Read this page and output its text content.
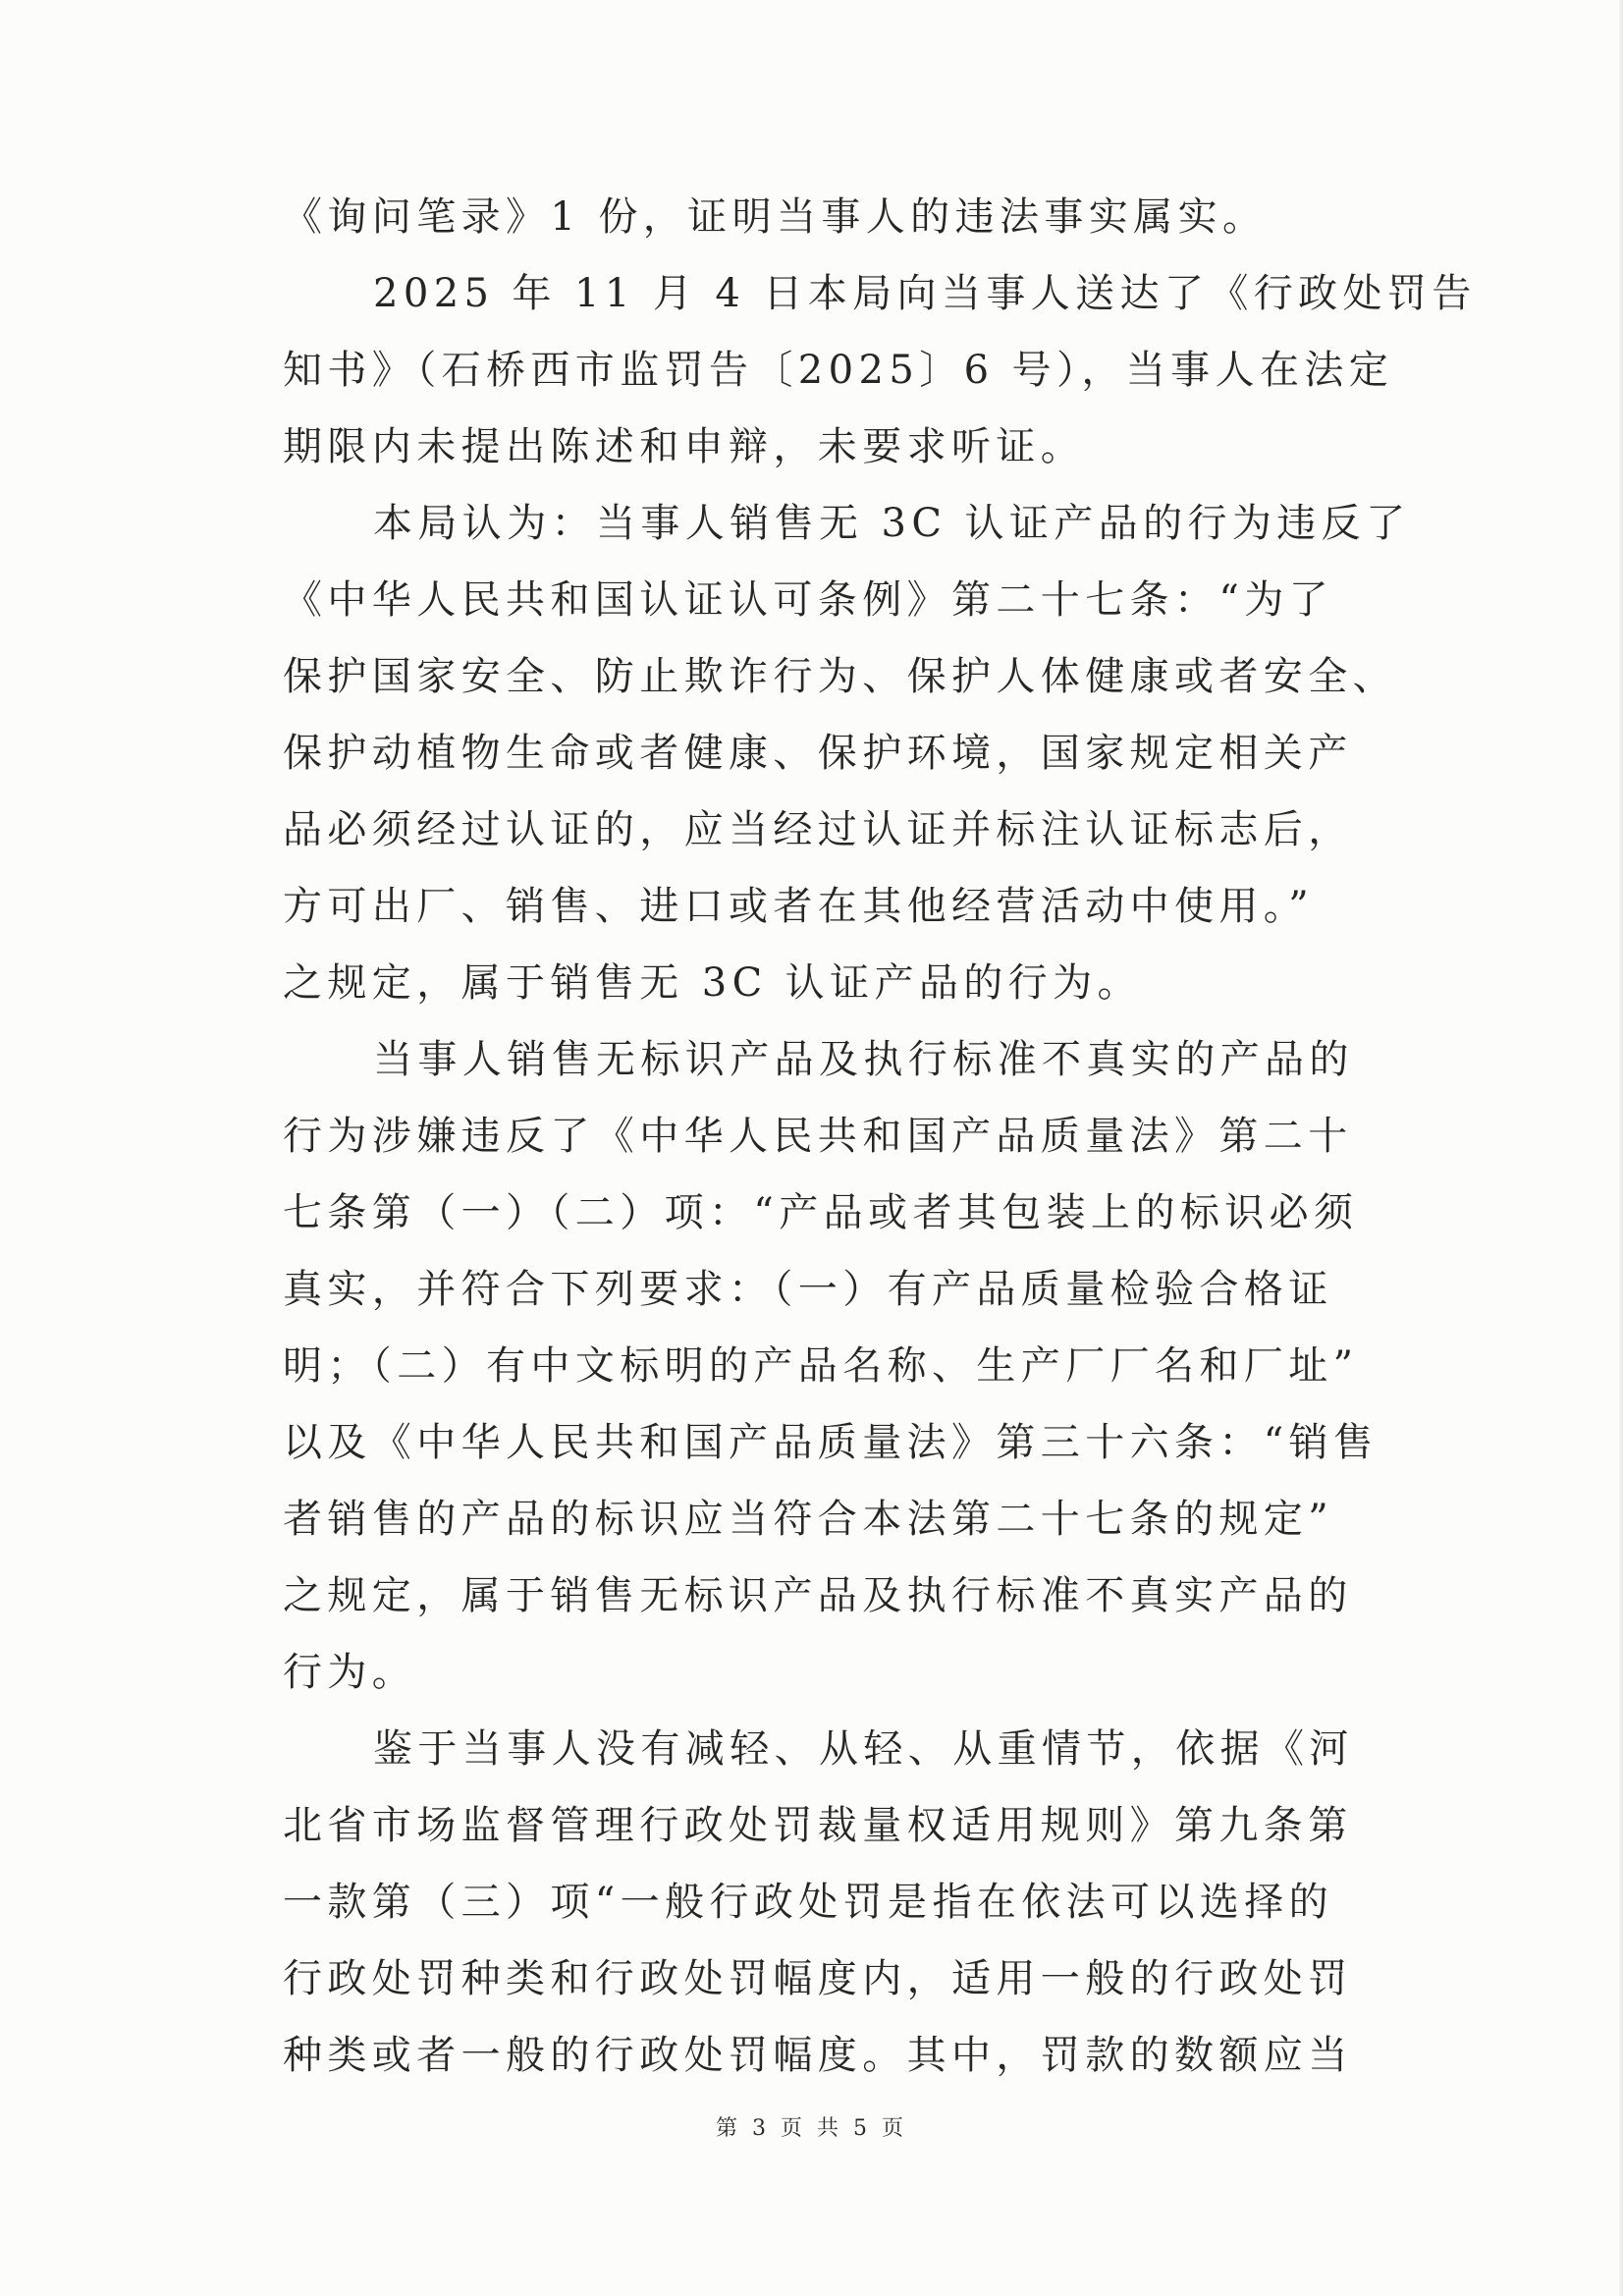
《询问笔录》1 份，证明当事人的违法事实属实。
2025 年 11 月 4 日本局向当事人送达了《行政处罚告
知书》（石桥西市监罚告〔2025〕6 号），当事人在法定
期限内未提出陈述和申辩，未要求听证。
本局认为：当事人销售无 3C 认证产品的行为违反了
《中华人民共和国认证认可条例》第二十七条：“为了
保护国家安全、防止欺诈行为、保护人体健康或者安全、
保护动植物生命或者健康、保护环境，国家规定相关产
品必须经过认证的，应当经过认证并标注认证标志后，
方可出厂、销售、进口或者在其他经营活动中使用。”
之规定，属于销售无 3C 认证产品的行为。
当事人销售无标识产品及执行标准不真实的产品的
行为涉嫌违反了《中华人民共和国产品质量法》第二十
七条第（一）（二）项：“产品或者其包装上的标识必须
真实，并符合下列要求：（一）有产品质量检验合格证
明；（二）有中文标明的产品名称、生产厂厂名和厂址”
以及《中华人民共和国产品质量法》第三十六条：“销售
者销售的产品的标识应当符合本法第二十七条的规定”
之规定，属于销售无标识产品及执行标准不真实产品的
行为。
鉴于当事人没有减轻、从轻、从重情节，依据《河
北省市场监督管理行政处罚裁量权适用规则》第九条第
一款第（三）项“一般行政处罚是指在依法可以选择的
行政处罚种类和行政处罚幅度内，适用一般的行政处罚
种类或者一般的行政处罚幅度。其中，罚款的数额应当
第 3 页 共 5 页
